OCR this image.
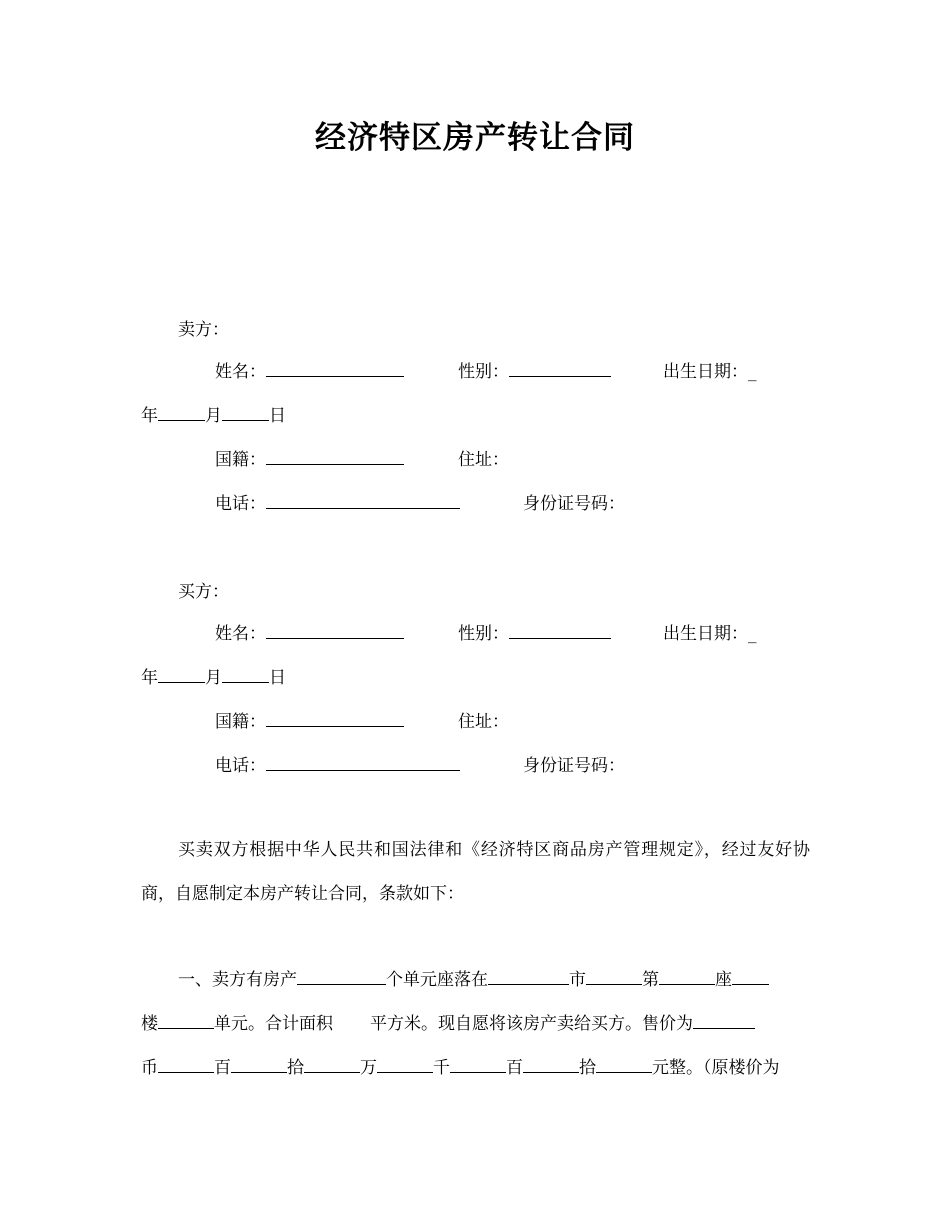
经济特区房产转让合同
卖方：
姓名：	性别：	出生日期：_
年	月	日
国籍：	住址：
电话：	身份证号码：
买方：
姓名：	性别：	出生日期：_
年	月	日
国籍：	住址：
电话：	身份证号码：
买卖双方根据中华人民共和国法律和《经济特区商品房产管理规定》，经过友好协商，自愿制定本房产转让合同，条款如下：
一、卖方有房产	个单元座落在	市	第	座
楼	单元。合计面积 平方米。现自愿将该房产卖给买方。售价为
币	百	拾	万	千	百	拾	元整。（原楼价为
